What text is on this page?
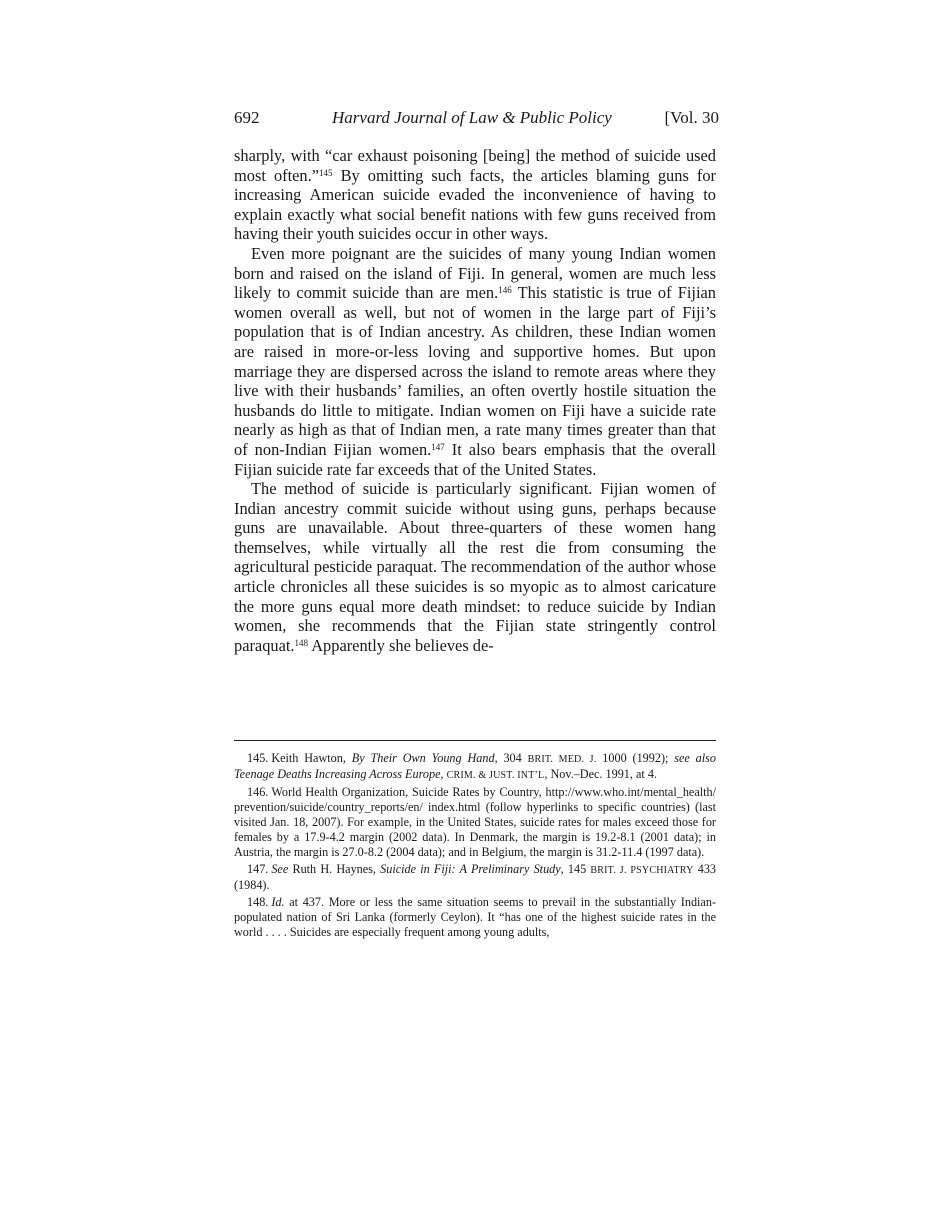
692	Harvard Journal of Law & Public Policy	[Vol. 30

sharply, with “car exhaust poisoning [being] the method of suicide used most often.”$^{145}$ By omitting such facts, the articles blaming guns for increasing American suicide evaded the inconvenience of having to explain exactly what social benefit nations with few guns received from having their youth suicides occur in other ways.

Even more poignant are the suicides of many young Indian women born and raised on the island of Fiji. In general, women are much less likely to commit suicide than are men.$^{146}$ This statistic is true of Fijian women overall as well, but not of women in the large part of Fiji’s population that is of Indian ancestry. As children, these Indian women are raised in more-or-less loving and supportive homes. But upon marriage they are dispersed across the island to remote areas where they live with their husbands’ families, an often overtly hostile situation the husbands do little to mitigate. Indian women on Fiji have a suicide rate nearly as high as that of Indian men, a rate many times greater than that of non-Indian Fijian women.$^{147}$ It also bears emphasis that the overall Fijian suicide rate far exceeds that of the United States.

The method of suicide is particularly significant. Fijian women of Indian ancestry commit suicide without using guns, perhaps because guns are unavailable. About three-quarters of these women hang themselves, while virtually all the rest die from consuming the agricultural pesticide paraquat. The recommendation of the author whose article chronicles all these suicides is so myopic as to almost caricature the more guns equal more death mindset: to reduce suicide by Indian women, she recommends that the Fijian state stringently control paraquat.$^{148}$ Apparently she believes de-

145. Keith Hawton, By Their Own Young Hand, 304 BRIT. MED. J. 1000 (1992); see also Teenage Deaths Increasing Across Europe, CRIM. & JUST. INT’L, Nov.–Dec. 1991, at 4.

146. World Health Organization, Suicide Rates by Country, http://www.who.int/mental_health/prevention/suicide/country_reports/en/ index.html (follow hyperlinks to specific countries) (last visited Jan. 18, 2007). For example, in the United States, suicide rates for males exceed those for females by a 17.9-4.2 margin (2002 data). In Denmark, the margin is 19.2-8.1 (2001 data); in Austria, the margin is 27.0-8.2 (2004 data); and in Belgium, the margin is 31.2-11.4 (1997 data).

147. See Ruth H. Haynes, Suicide in Fiji: A Preliminary Study, 145 BRIT. J. PSYCHIATRY 433 (1984).

148. Id. at 437. More or less the same situation seems to prevail in the substantially Indian-populated nation of Sri Lanka (formerly Ceylon). It “has one of the highest suicide rates in the world . . . . Suicides are especially frequent among young adults,
